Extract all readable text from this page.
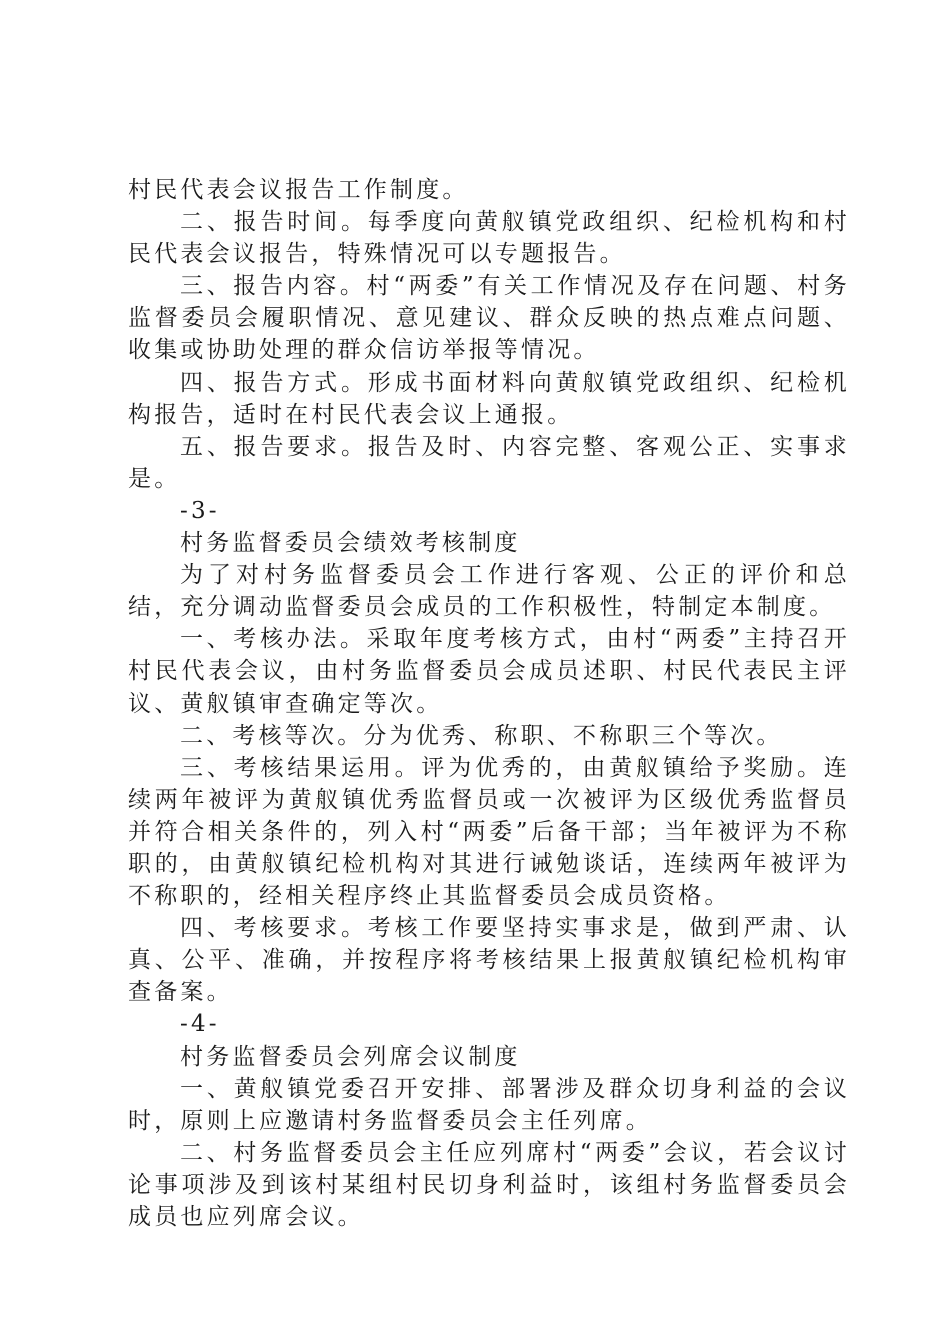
村民代表会议报告工作制度。

二、报告时间。每季度向黄舣镇党政组织、纪检机构和村民代表会议报告，特殊情况可以专题报告。

三、报告内容。村“两委”有关工作情况及存在问题、村务监督委员会履职情况、意见建议、群众反映的热点难点问题、收集或协助处理的群众信访举报等情况。

四、报告方式。形成书面材料向黄舣镇党政组织、纪检机构报告，适时在村民代表会议上通报。

五、报告要求。报告及时、内容完整、客观公正、实事求是。

-3-

村务监督委员会绩效考核制度

为了对村务监督委员会工作进行客观、公正的评价和总结，充分调动监督委员会成员的工作积极性，特制定本制度。

一、考核办法。采取年度考核方式，由村“两委”主持召开村民代表会议，由村务监督委员会成员述职、村民代表民主评议、黄舣镇审查确定等次。

二、考核等次。分为优秀、称职、不称职三个等次。

三、考核结果运用。评为优秀的，由黄舣镇给予奖励。连续两年被评为黄舣镇优秀监督员或一次被评为区级优秀监督员并符合相关条件的，列入村“两委”后备干部；当年被评为不称职的，由黄舣镇纪检机构对其进行诫勉谈话，连续两年被评为不称职的，经相关程序终止其监督委员会成员资格。

四、考核要求。考核工作要坚持实事求是，做到严肃、认真、公平、准确，并按程序将考核结果上报黄舣镇纪检机构审查备案。

-4-

村务监督委员会列席会议制度

一、黄舣镇党委召开安排、部署涉及群众切身利益的会议时，原则上应邀请村务监督委员会主任列席。

二、村务监督委员会主任应列席村“两委”会议，若会议讨论事项涉及到该村某组村民切身利益时，该组村务监督委员会成员也应列席会议。
